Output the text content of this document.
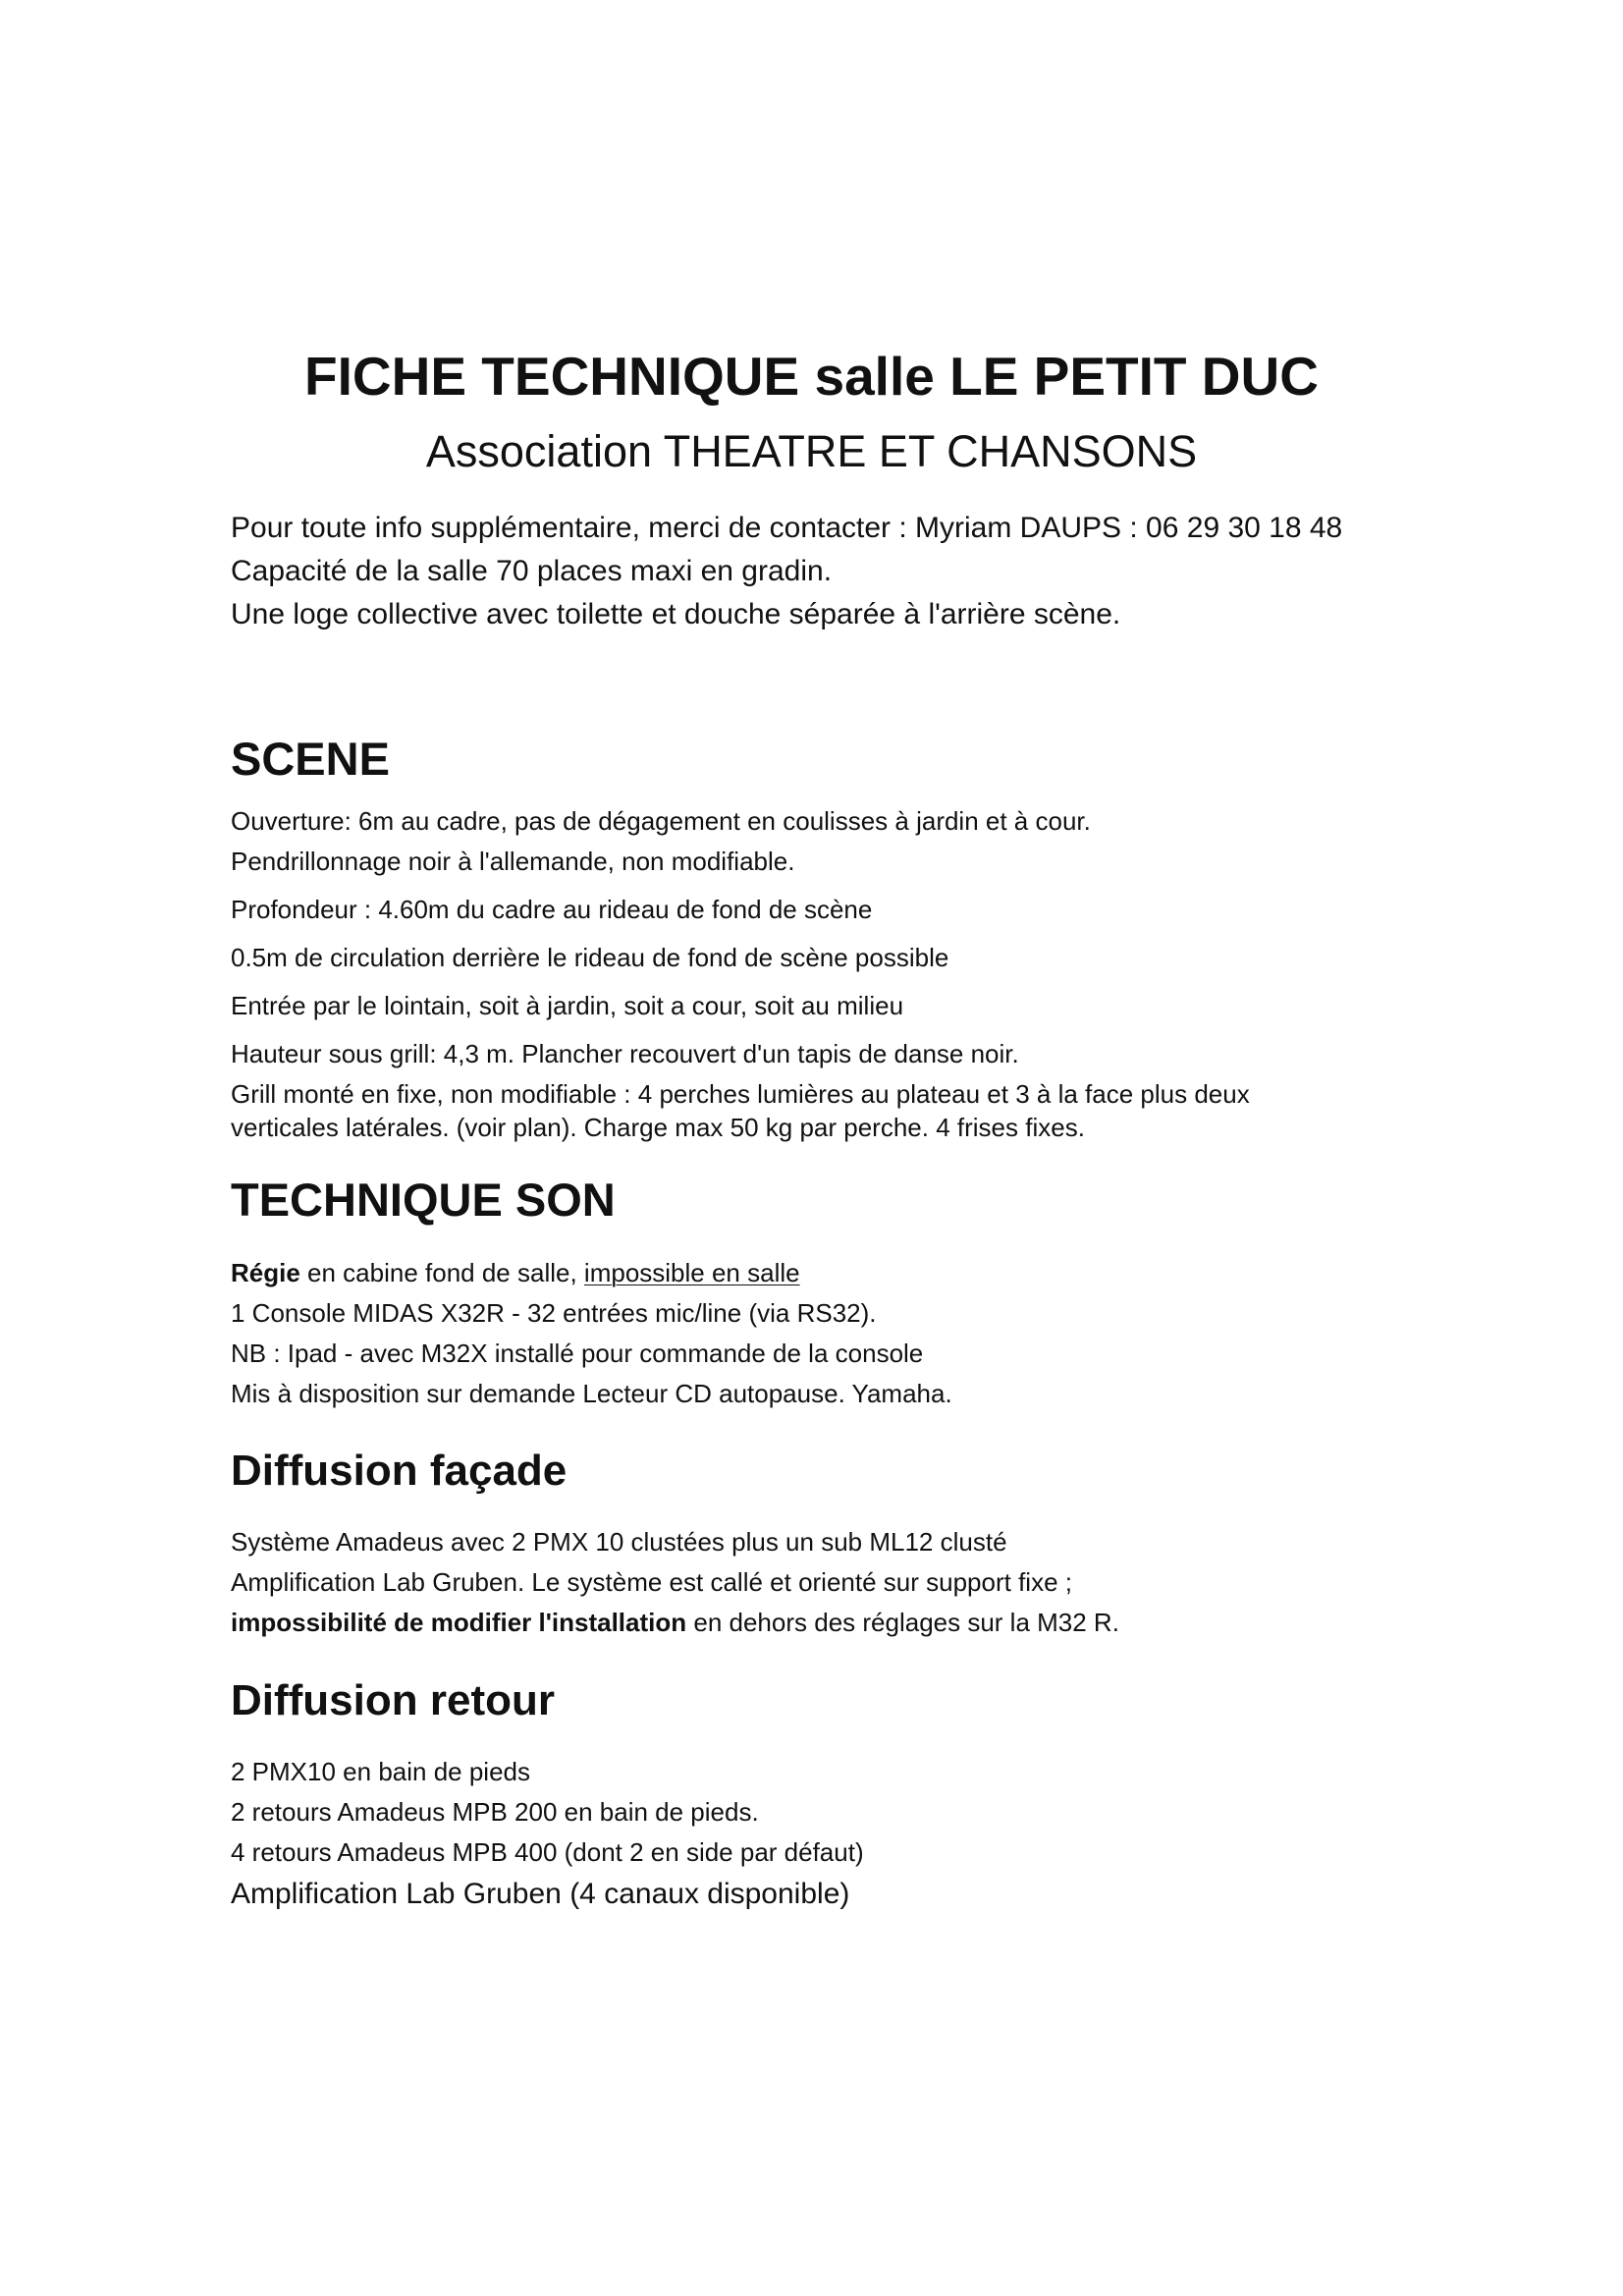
FICHE TECHNIQUE salle LE PETIT DUC

Association THEATRE ET CHANSONS

Pour toute info supplémentaire, merci de contacter : Myriam DAUPS : 06 29 30 18 48

Capacité de la salle 70 places maxi en gradin.

Une loge collective avec toilette et douche séparée à l'arrière scène.

SCENE

Ouverture: 6m au cadre, pas de dégagement en coulisses à jardin et à cour.

Pendrillonnage noir à l'allemande, non modifiable.

Profondeur : 4.60m du cadre au rideau de fond de scène

0.5m de circulation derrière le rideau de fond de scène possible

Entrée par le lointain, soit à jardin, soit a cour, soit au milieu

Hauteur sous grill: 4,3 m. Plancher recouvert d'un tapis de danse noir.

Grill monté en fixe, non modifiable : 4 perches lumières au plateau et 3 à la face plus deux

verticales latérales. (voir plan). Charge max 50 kg par perche. 4 frises fixes.

TECHNIQUE SON

Régie en cabine fond de salle, impossible en salle

1 Console MIDAS X32R - 32 entrées mic/line (via RS32).

NB : Ipad - avec M32X installé pour commande de la console

Mis à disposition sur demande Lecteur CD autopause. Yamaha.

Diffusion façade

Système Amadeus avec 2 PMX 10 clustées plus un sub ML12 clusté

Amplification Lab Gruben. Le système est callé et orienté sur support fixe ;

impossibilité de modifier l'installation en dehors des réglages sur la M32 R.

Diffusion retour

2 PMX10 en bain de pieds

2 retours Amadeus MPB 200 en bain de pieds.

4 retours Amadeus MPB 400 (dont 2 en side par défaut)

Amplification Lab Gruben (4 canaux disponible)
